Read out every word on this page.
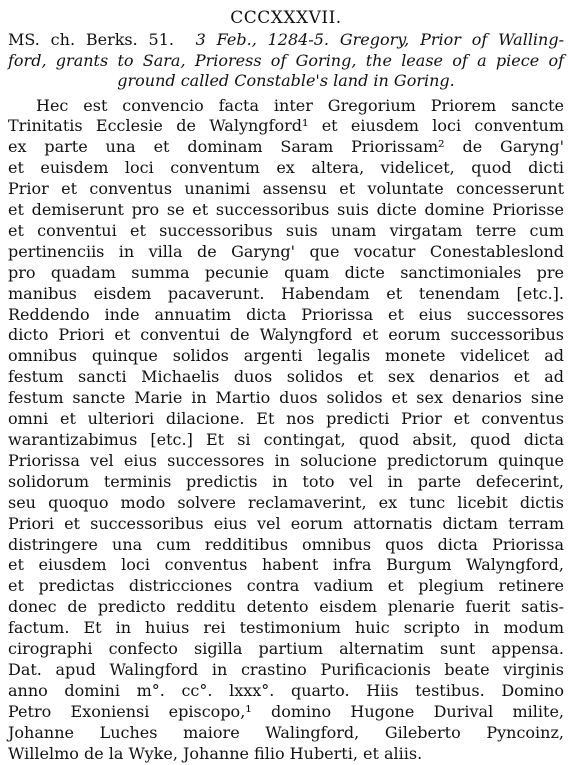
CCCXXXVII.
MS. ch. Berks. 51. 3 Feb., 1284-5. Gregory, Prior of Walling-
ford, grants to Sara, Prioress of Goring, the lease of a piece of
ground called Constable's land in Goring.
Hec est convencio facta inter Gregorium Priorem sancte
Trinitatis Ecclesie de Walyngford¹ et eiusdem loci conventum
ex parte una et dominam Saram Priorissam² de Garyng'
et euisdem loci conventum ex altera, videlicet, quod dicti
Prior et conventus unanimi assensu et voluntate concesserunt
et demiserunt pro se et successoribus suis dicte domine Priorisse
et conventui et successoribus suis unam virgatam terre cum
pertinenciis in villa de Garyng' que vocatur Conestableslond
pro quadam summa pecunie quam dicte sanctimoniales pre
manibus eisdem pacaverunt. Habendam et tenendam [etc.].
Reddendo inde annuatim dicta Priorissa et eius successores
dicto Priori et conventui de Walyngford et eorum successoribus
omnibus quinque solidos argenti legalis monete videlicet ad
festum sancti Michaelis duos solidos et sex denarios et ad
festum sancte Marie in Martio duos solidos et sex denarios sine
omni et ulteriori dilacione. Et nos predicti Prior et conventus
warantizabimus [etc.] Et si contingat, quod absit, quod dicta
Priorissa vel eius successores in solucione predictorum quinque
solidorum terminis predictis in toto vel in parte defecerint,
seu quoquo modo solvere reclamaverint, ex tunc licebit dictis
Priori et successoribus eius vel eorum attornatis dictam terram
distringere una cum redditibus omnibus quos dicta Priorissa
et eiusdem loci conventus habent infra Burgum Walyngford,
et predictas districciones contra vadium et plegium retinere
donec de predicto redditu detento eisdem plenarie fuerit satis-
factum. Et in huius rei testimonium huic scripto in modum
cirographi confecto sigilla partium alternatim sunt appensa.
Dat. apud Walingford in crastino Purificacionis beate virginis
anno domini m°. cc°. lxxx°. quarto. Hiis testibus. Domino
Petro Exoniensi episcopo,¹ domino Hugone Durival milite,
Johanne Luches maiore Walingford, Gileberto Pyncoinz,
Willelmo de la Wyke, Johanne filio Huberti, et aliis.
